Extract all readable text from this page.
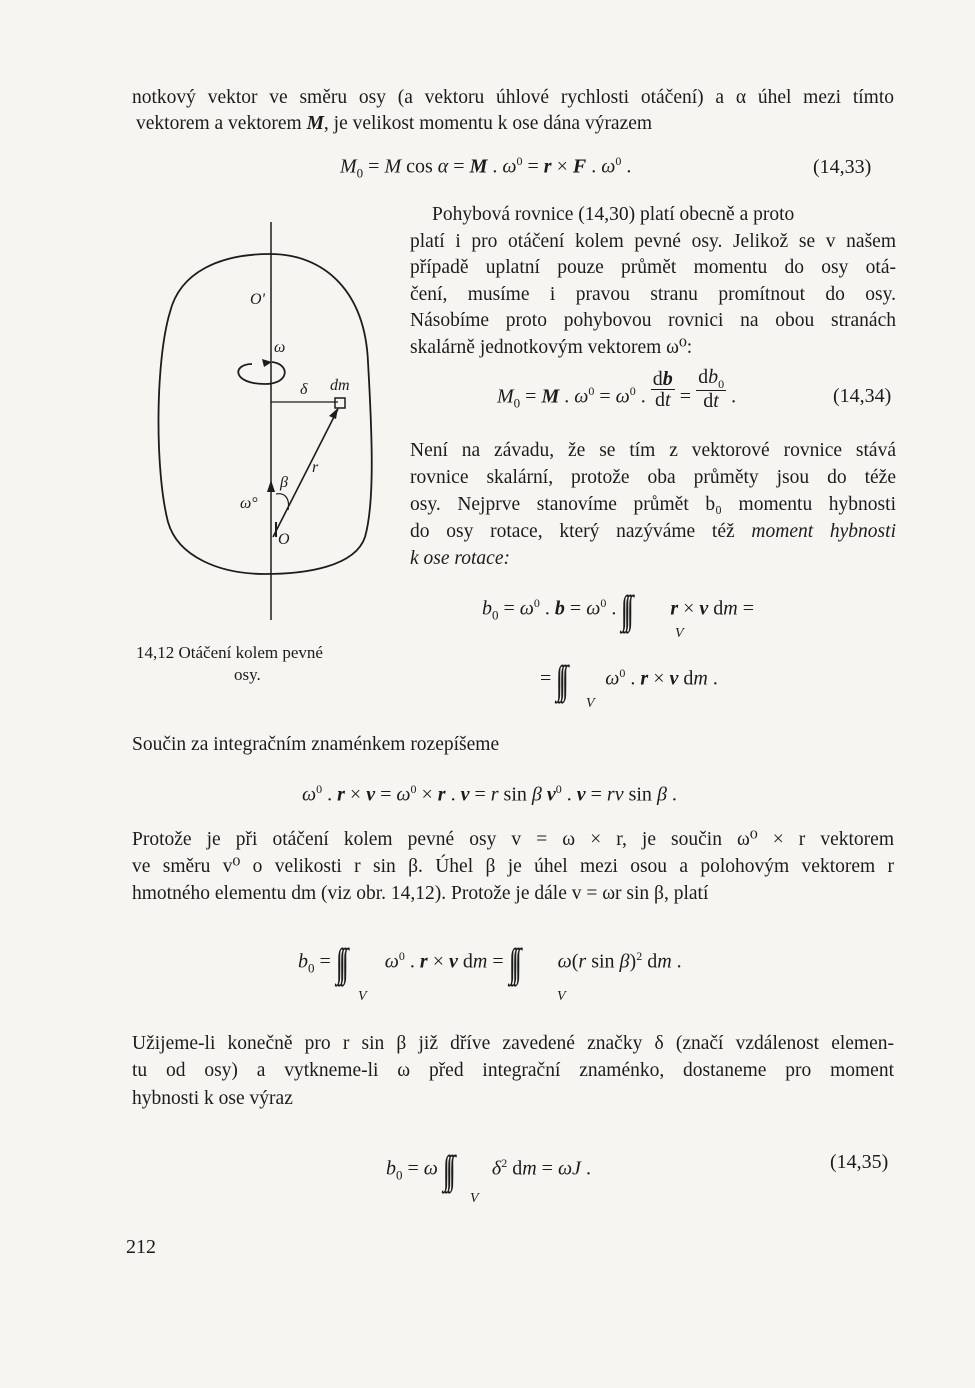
notkový vektor ve směru osy (a vektoru úhlové rychlosti otáčení) a α úhel mezi tímto
vektorem a vektorem M, je velikost momentu k ose dána výrazem
$M_0 = M$ cos α = M . $\omega^0 = r \times F$ . $\omega^0$ .	(14,33)
O'
ω
δ dm
r
β
ω°
O
14,12 Otáčení kolem pevné
osy.
Pohybová rovnice (14,30) platí obecně a proto
platí i pro otáčení kolem pevné osy. Jelikož se v našem
případě uplatní pouze průmět momentu do osy otá-
čení, musíme i pravou stranu promítnout do osy.
Násobíme proto pohybovou rovnici na obou stranách
skalárně jednotkovým vektorem ω⁰:
$M_0 = M$ . $\omega^0 = \omega^0$ . $\frac{db}{dt} = \frac{db_0}{dt}$ .	(14,34)
Není na závadu, že se tím z vektorové rovnice stává
rovnice skalární, protože oba průměty jsou do téže
osy. Nejprve stanovíme průmět b₀ momentu hybnosti
do osy rotace, který nazýváme též moment hybnosti
k ose rotace:
$b_0 = \omega^0$ . $b = \omega^0$ . ∫∫∫ r × v dm =
V
= ∫∫∫ $\omega^0$ . r × v dm .
V
Součin za integračním znaménkem rozepíšeme
$\omega^0$ . $r \times v = \omega^0 \times r$ . v = r sin β $v^0$ . v = rv sin β .
Protože je při otáčení kolem pevné osy v = ω × r, je součin ω⁰ × r vektorem
ve směru v⁰ o velikosti r sin β. Úhel β je úhel mezi osou a polohovým vektorem r
hmotného elementu dm (viz obr. 14,12). Protože je dále v = ωr sin β, platí
$b_0$ = ∫∫∫ $\omega^0$ . r × v dm = ∫∫∫ ω(r sin β)$^2$ dm .
V	V
Užijeme-li konečně pro r sin β již dříve zavedené značky δ (značí vzdálenost elemen-
tu od osy) a vytkneme-li ω před integrační znaménko, dostaneme pro moment
hybnosti k ose výraz
$b_0 = \omega$ ∫∫∫ $\delta^2$ dm = ωJ .
V
(14,35)
212
